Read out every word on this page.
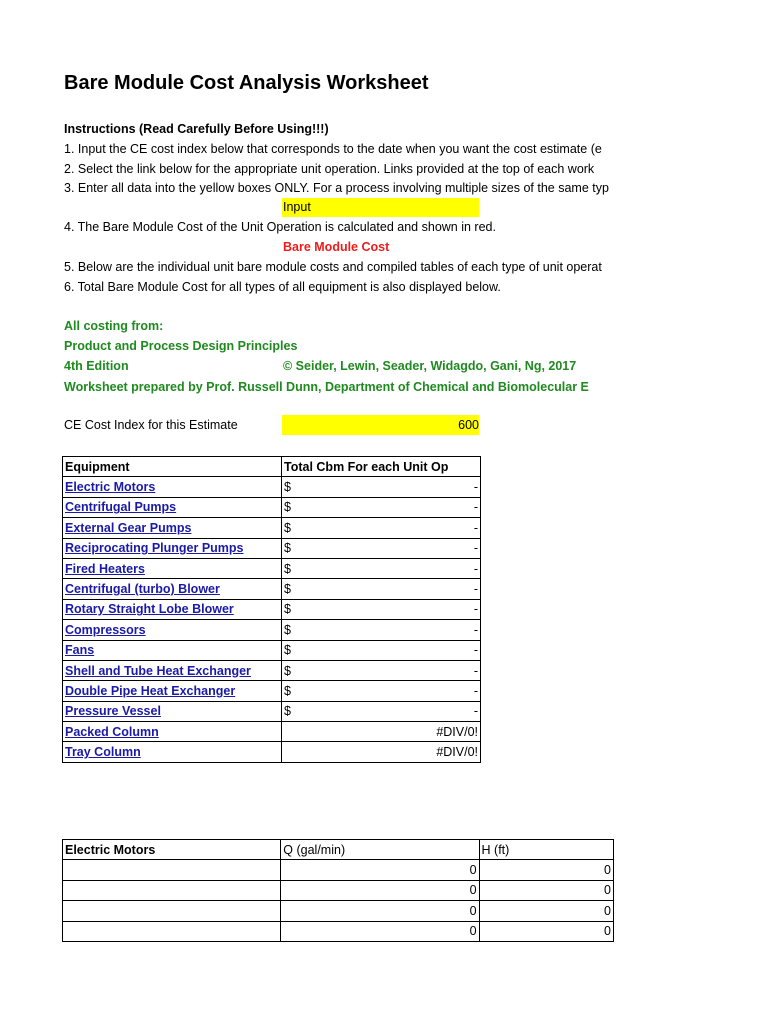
Bare Module Cost Analysis Worksheet
Instructions (Read Carefully Before Using!!!)
1. Input the CE cost index below that corresponds to the date when you want the cost estimate (e
2. Select the link below for the appropriate unit operation. Links provided at the top of each work
3. Enter all data into the yellow boxes ONLY. For a process involving multiple sizes of the same typ
Input
4. The Bare Module Cost of the Unit Operation is calculated and shown in red.
Bare Module Cost
5. Below are the individual unit bare module costs and compiled tables of each type of unit operat
6. Total Bare Module Cost for all types of all equipment is also displayed below.
All costing from:
Product and Process Design Principles
4th Edition	© Seider, Lewin, Seader, Widagdo, Gani, Ng, 2017
Worksheet prepared by Prof. Russell Dunn, Department of Chemical and Biomolecular E
CE Cost Index for this Estimate	600
Equipment	Total Cbm For each Unit Op
Electric Motors	$ -

Centrifugal Pumps	$ -

External Gear Pumps	$ -

Reciprocating Plunger Pumps	$ -

Fired Heaters	$ -

Centrifugal (turbo) Blower	$ -

Rotary Straight Lobe Blower	$ -

Compressors	$ -

Fans	$ -

Shell and Tube Heat Exchanger	$ -

Double Pipe Heat Exchanger	$ -

Pressure Vessel	$ -

Packed Column	#DIV/0!

Tray Column	#DIV/0!
Electric Motors	Q (gal/min)	H (ft)
	0	0
	0	0
	0	0
	0	0
